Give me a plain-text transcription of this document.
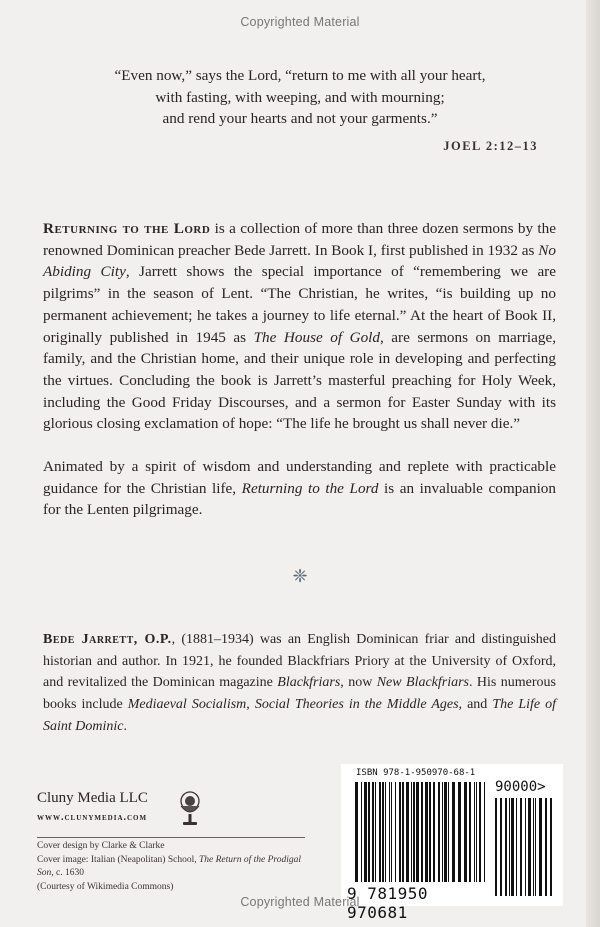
Copyrighted Material
“Even now,” says the Lord, “return to me with all your heart,
with fasting, with weeping, and with mourning;
and rend your hearts and not your garments.”
JOEL 2:12–13

Returning to the Lord is a collection of more than three dozen sermons by the renowned Dominican preacher Bede Jarrett. In Book I, first published in 1932 as No Abiding City, Jarrett shows the special importance of “remembering we are pilgrims” in the season of Lent. “The Christian, he writes, “is building up no permanent achievement; he takes a journey to life eternal.” At the heart of Book II, originally published in 1945 as The House of Gold, are sermons on marriage, family, and the Christian home, and their unique role in developing and perfecting the virtues. Concluding the book is Jarrett’s masterful preaching for Holy Week, including the Good Friday Discourses, and a sermon for Easter Sunday with its glorious closing exclamation of hope: “The life he brought us shall never die.”

Animated by a spirit of wisdom and understanding and replete with practicable guidance for the Christian life, Returning to the Lord is an invaluable companion for the Lenten pilgrimage.

❈
Bede Jarrett, O.P., (1881–1934) was an English Dominican friar and distinguished historian and author. In 1921, he founded Blackfriars Priory at the University of Oxford, and revitalized the Dominican magazine Blackfriars, now New Blackfriars. His numerous books include Mediaeval Socialism, Social Theories in the Middle Ages, and The Life of Saint Dominic.
Cluny Media LLC
www.clunymedia.com
Cover design by Clarke & Clarke
Cover image: Italian (Neapolitan) School, The Return of the Prodigal Son, c. 1630
(Courtesy of Wikimedia Commons)
ISBN 978-1-950970-68-1
90000>
9 781950 970681
Copyrighted Material
